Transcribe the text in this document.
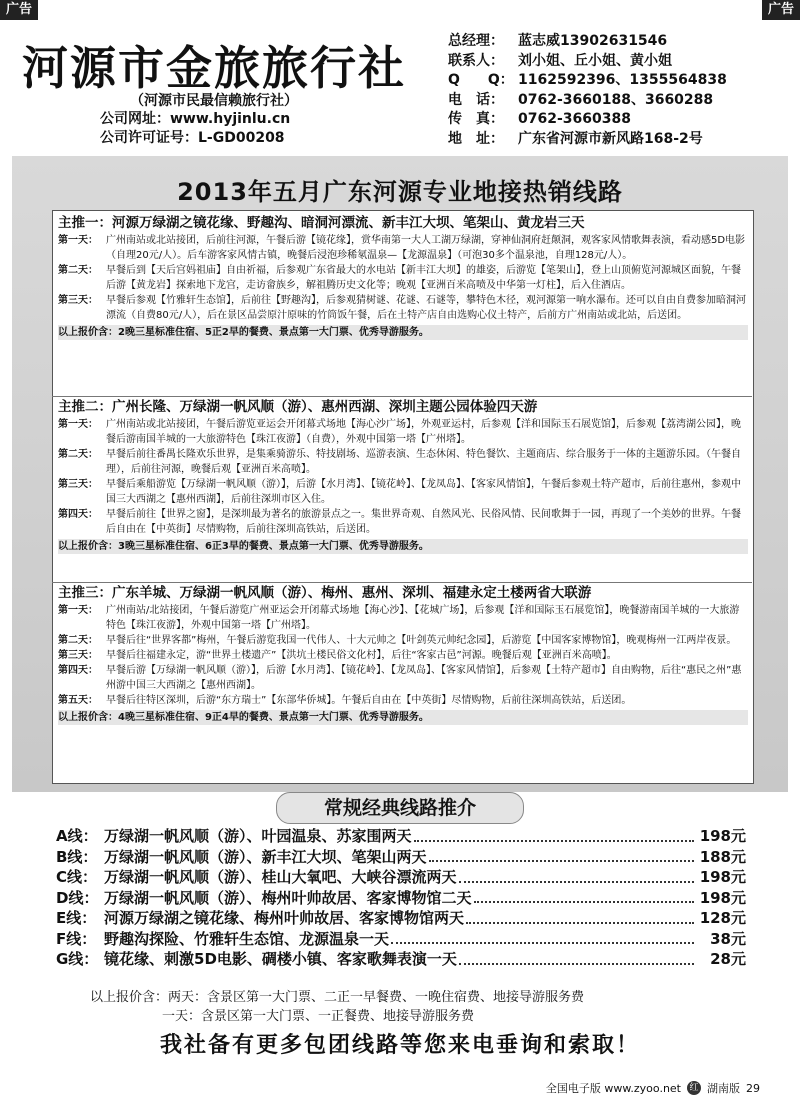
广告	广告
河源市金旅旅行社
（河源市民最信赖旅行社）
公司网址：www.hyjinlu.cn
公司许可证号：L-GD00208
总经理：	蓝志威13902631546
联系人：	刘小姐、丘小姐、黄小姐
Q　　Q： 1162592396、1355564838
电　话：	0762-3660188、3660288
传　真：	0762-3660388
地　址：	广东省河源市新风路168-2号
2013年五月广东河源专业地接热销线路
主推一：河源万绿湖之镜花缘、野趣沟、暗洞河漂流、新丰江大坝、笔架山、黄龙岩三天
第一天： 广州南站或北站接团，后前往河源，午餐后游【镜花缘】，赏华南第一大人工湖万绿湖，穿神仙洞府赶颠洞，观客家风情歌舞表演，看动感5D电影（自理20元/人）。后车游客家风情古镇，晚餐后浸泡珍稀氡温泉—【龙源温泉】（可泡30多个温泉池，自理128元/人）。
第二天： 早餐后到【天后宫妈祖庙】自由祈福，后参观广东省最大的水电站【新丰江大坝】的雄姿，后游览【笔架山】，登上山顶俯览河源城区面貌，午餐后游【黄龙岩】探索地下龙宫，走访畲族乡，解祖腾历史文化等；晚观【亚洲百米高喷及中华第一灯柱】，后入住酒店。
第三天： 早餐后参观【竹雅轩生态馆】，后前往【野趣沟】，后参观猜树谜、花谜、石谜等，攀特色木径，观河源第一响水瀑布。还可以自由自费参加暗洞河漂流（自费80元/人），后在景区品尝原汁原味的竹筒饭午餐，后在土特产店自由选购心仪土特产，后前方广州南站或北站，后送团。
以上报价含：2晚三星标准住宿、5正2早的餐费、景点第一大门票、优秀导游服务。
主推二：广州长隆、万绿湖一帆风顺（游）、惠州西湖、深圳主题公园体验四天游
第一天： 广州南站或北站接团，午餐后游览亚运会开闭幕式场地【海心沙广场】，外观亚运村，后参观【洋和国际玉石展览馆】，后参观【荔湾湖公园】，晚餐后游南国羊城的一大旅游特色【珠江夜游】（自费），外观中国第一塔【广州塔】。
第二天： 早餐后前往番禺长隆欢乐世界，是集乘骑游乐、特技剧场、巡游表演、生态休闲、特色餐饮、主题商店、综合服务于一体的主题游乐园。（午餐自理），后前往河源，晚餐后观【亚洲百米高喷】。
第三天： 早餐后乘船游览【万绿湖一帆风顺（游）】，后游【水月湾】、【镜花岭】、【龙凤岛】、【客家风情馆】，午餐后参观土特产超市，后前往惠州，参观中国三大西湖之【惠州西湖】，后前往深圳市区入住。
第四天： 早餐后前往【世界之窗】，是深圳最为著名的旅游景点之一。集世界奇观、自然风光、民俗风情、民间歌舞于一园，再现了一个美妙的世界。午餐后自由在【中英街】尽情购物，后前往深圳高铁站，后送团。
以上报价含：3晚三星标准住宿、6正3早的餐费、景点第一大门票、优秀导游服务。
主推三：广东羊城、万绿湖一帆风顺（游）、梅州、惠州、深圳、福建永定土楼两省大联游
第一天： 广州南站/北站接团，午餐后游览广州亚运会开闭幕式场地【海心沙】、【花城广场】，后参观【洋和国际玉石展览馆】，晚餐游南国羊城的一大旅游特色【珠江夜游】，外观中国第一塔【广州塔】。
第二天： 早餐后往“世界客都”梅州，午餐后游览我国一代伟人、十大元帅之【叶剑英元帅纪念园】，后游览【中国客家博物馆】，晚观梅州一江两岸夜景。
第三天： 早餐后往福建永定，游“世界土楼遗产”【洪坑土楼民俗文化村】，后往“客家古邑”河源。晚餐后观【亚洲百米高喷】。
第四天： 早餐后游【万绿湖一帆风顺（游）】，后游【水月湾】、【镜花岭】、【龙凤岛】、【客家风情馆】，后参观【土特产超市】自由购物，后往“惠民之州”惠州游中国三大西湖之【惠州西湖】。
第五天： 早餐后往特区深圳，后游“东方瑞士”【东部华侨城】。午餐后自由在【中英街】尽情购物，后前往深圳高铁站，后送团。
以上报价含：4晚三星标准住宿、9正4早的餐费、景点第一大门票、优秀导游服务。
常规经典线路推介
A线： 万绿湖一帆风顺（游）、叶园温泉、苏家围两天	198元
B线： 万绿湖一帆风顺（游）、新丰江大坝、笔架山两天	188元
C线： 万绿湖一帆风顺（游）、桂山大氧吧、大峡谷漂流两天	198元
D线： 万绿湖一帆风顺（游）、梅州叶帅故居、客家博物馆二天	198元
E线： 河源万绿湖之镜花缘、梅州叶帅故居、客家博物馆两天	128元
F线： 野趣沟探险、竹雅轩生态馆、龙源温泉一天	38元
G线： 镜花缘、刺激5D电影、碉楼小镇、客家歌舞表演一天	28元
以上报价含：两天：含景区第一大门票、二正一早餐费、一晚住宿费、地接导游服务费
一天：含景区第一大门票、一正餐费、地接导游服务费
我社备有更多包团线路等您来电垂询和索取！
全国电子版 www.zyoo.net 红 湖南版 29
